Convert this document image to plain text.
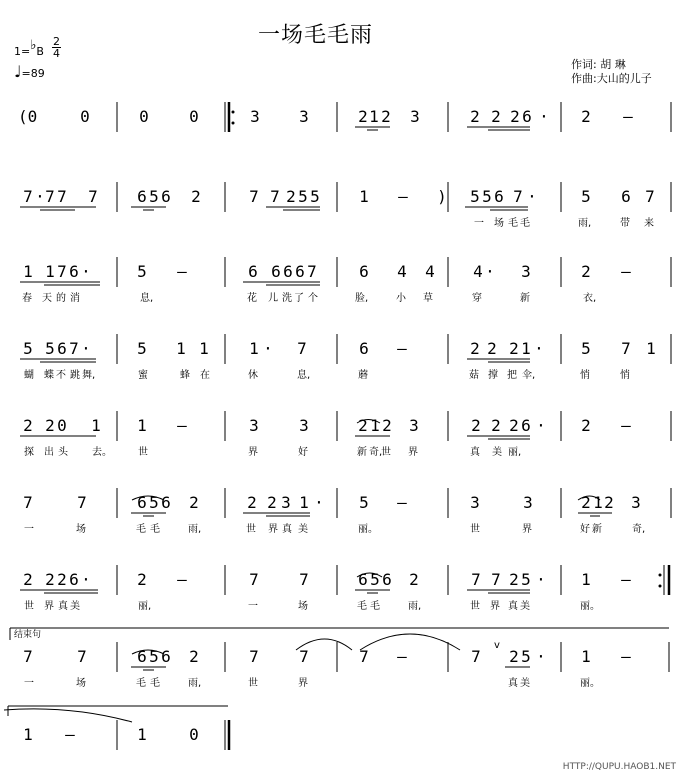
一场毛毛雨
1=♭B
2
4
♩=89
作词: 胡 琳
作曲:大山的儿子
v
(0	0	0	0	3 3	2 1 2 3	2 2 2 6 · 2 –
7 · 7 7 7 6 5 6 2	7 7 2 5 5 1 – ) 5 5 6 7 ·	5 6 7
一 场 毛 毛	雨,	带 来
1 1 7 6 ·	5 –	6 6 6 6 7	6 4 4 4 · 3	2 –
春 天 的 消	息,	花 儿 洗 了 个	脸,	小 草	穿	新	衣,
5 5 6 7 ·	5 1 1	1 · 7	6 –	2 2 2 1 · 5 7 1
蝴 蝶 不 跳 舞,	蜜	蜂 在	休	息,	蘑	菇 撑 把 伞,	悄	悄
2 2 0 1 1 –	3	3	2 1 2 3	2 2 2 6 · 2 –
探 出 头 去。	世	界	好	新 奇,
世 界	真 美 丽,
7	7	6 5 6 2	2 2 3 1 · 5 –	3	3	2 1 2 3
一	场	毛 毛	雨,	世 界 真 美	丽。	世	界	好 新	奇,
2 2 2 6 ·	2 –	7	7	6 5 6 2	7 7 2 5 · 1 –
世 界 真 美	丽,	一	场	毛 毛	雨,	世 界 真 美	丽。
7	7	6 5 6 2	7	7	7 –	7 2 5 · 1 –
一	场	毛 毛	雨,	世	界	真 美	丽。
1 –	1	0
结束句
HTTP://QUPU.HAOB1.NET
